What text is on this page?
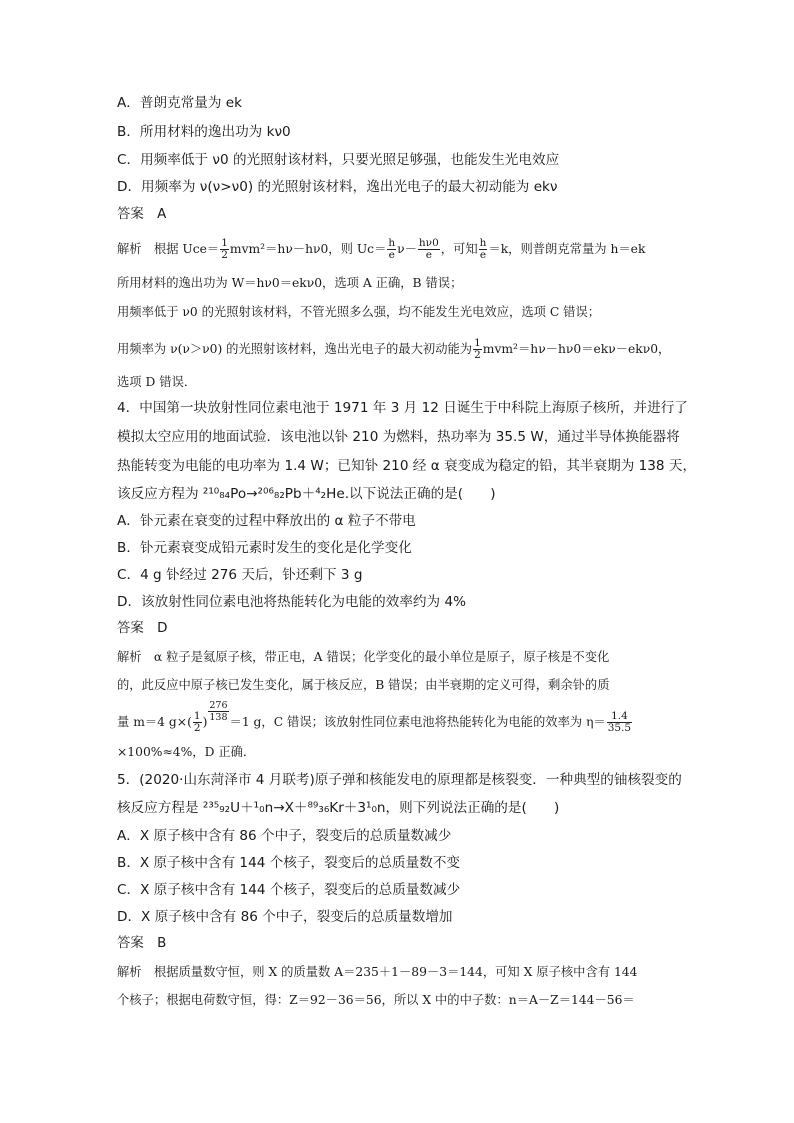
A．普朗克常量为 ek
B．所用材料的逸出功为 kν0
C．用频率低于 ν0 的光照射该材料，只要光照足够强，也能发生光电效应
D．用频率为 ν(ν>ν0) 的光照射该材料，逸出光电子的最大初动能为 ekν
答案　A
解析　根据 $Uce= \frac{1}{2} mvm^2=h\nu-h\nu 0$，则 $Uc= \frac{h}{e} \nu- \frac{h\nu 0}{e}$ ，可知 $\frac{h}{e} =k$，则普朗克常量为 h＝ek
所用材料的逸出功为 W＝hν0＝ekν0，选项 A 正确，B 错误；
用频率低于 ν0 的光照射该材料，不管光照多么强，均不能发生光电效应，选项 C 错误；
用频率为 ν(ν＞ν0) 的光照射该材料，逸出光电子的最大初动能为 $\frac{1}{2} mvm^2=h\nu-h\nu 0=ek\nu-ek\nu 0$，
选项 D 错误．
4．中国第一块放射性同位素电池于 1971 年 3 月 12 日诞生于中科院上海原子核所，并进行了
模拟太空应用的地面试验．该电池以钋 210 为燃料，热功率为 35.5 W，通过半导体换能器将
热能转变为电能的电功率为 1.4 W；已知钋 210 经 α 衰变成为稳定的铅，其半衰期为 138 天，
该反应方程为 ²¹⁰₈₄Po→²⁰⁶₈₂Pb＋⁴₂He.以下说法正确的是(　　)
A．钋元素在衰变的过程中释放出的 α 粒子不带电
B．钋元素衰变成铅元素时发生的变化是化学变化
C．4 g 钋经过 276 天后，钋还剩下 3 g
D．该放射性同位素电池将热能转化为电能的效率约为 4%
答案　D
解析　α 粒子是氦原子核，带正电，A 错误；化学变化的最小单位是原子，原子核是不变化
的，此反应中原子核已发生变化，属于核反应，B 错误；由半衰期的定义可得，剩余钋的质
量 m＝4 $g\times( \frac{1}{2}$ ) $\frac{276}{138} =1$ g，C 错误；该放射性同位素电池将热能转化为电能的效率为 $\eta= \frac{1.4}{35.5}$
×100%≈4%，D 正确．
5．(2020·山东菏泽市 4 月联考)原子弹和核能发电的原理都是核裂变．一种典型的铀核裂变的
核反应方程是 ²³⁵₉₂U＋¹₀n→X＋⁸⁹₃₆Kr＋3¹₀n，则下列说法正确的是(　　)
A．X 原子核中含有 86 个中子，裂变后的总质量数减少
B．X 原子核中含有 144 个核子，裂变后的总质量数不变
C．X 原子核中含有 144 个核子，裂变后的总质量数减少
D．X 原子核中含有 86 个中子，裂变后的总质量数增加
答案　B
解析　根据质量数守恒，则 X 的质量数 A＝235＋1－89－3＝144，可知 X 原子核中含有 144
个核子；根据电荷数守恒，得：Z＝92－36＝56，所以 X 中的中子数：n＝A－Z＝144－56＝
